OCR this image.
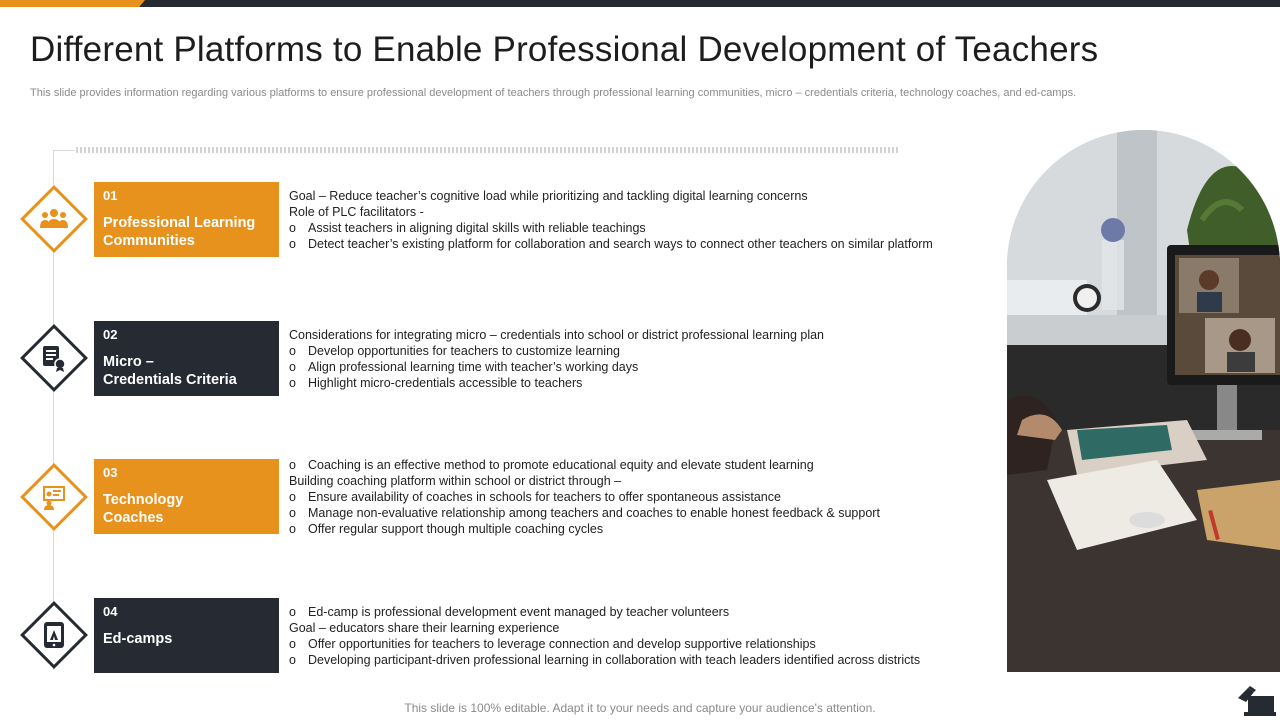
Different Platforms to Enable Professional Development of Teachers
This slide provides information regarding various platforms to ensure professional development of teachers through professional learning communities, micro – credentials criteria, technology coaches, and ed-camps.
01
Professional Learning Communities
Goal – Reduce teacher’s cognitive load while prioritizing and tackling digital learning concerns
Role of PLC facilitators -
o Assist teachers in aligning digital skills with reliable teachings
o Detect teacher’s existing platform for collaboration and search ways to connect other teachers on similar platform
02
Micro –
Credentials Criteria
Considerations for integrating micro – credentials into school or district professional learning plan
o Develop opportunities for teachers to customize learning
o Align professional learning time with teacher’s working days
o Highlight micro-credentials accessible to teachers
03
Technology
Coaches
o Coaching is an effective method to promote educational equity and elevate student learning
Building coaching platform within school or district through –
o Ensure availability of coaches in schools for teachers to offer spontaneous assistance
o Manage non-evaluative relationship among teachers and coaches to enable honest feedback & support
o Offer regular support though multiple coaching cycles
04
Ed-camps
o Ed-camp is professional development event managed by teacher volunteers
Goal – educators share their learning experience
o Offer opportunities for teachers to leverage connection and develop supportive relationships
o Developing participant-driven professional learning in collaboration with teach leaders identified across districts
This slide is 100% editable. Adapt it to your needs and capture your audience's attention.
